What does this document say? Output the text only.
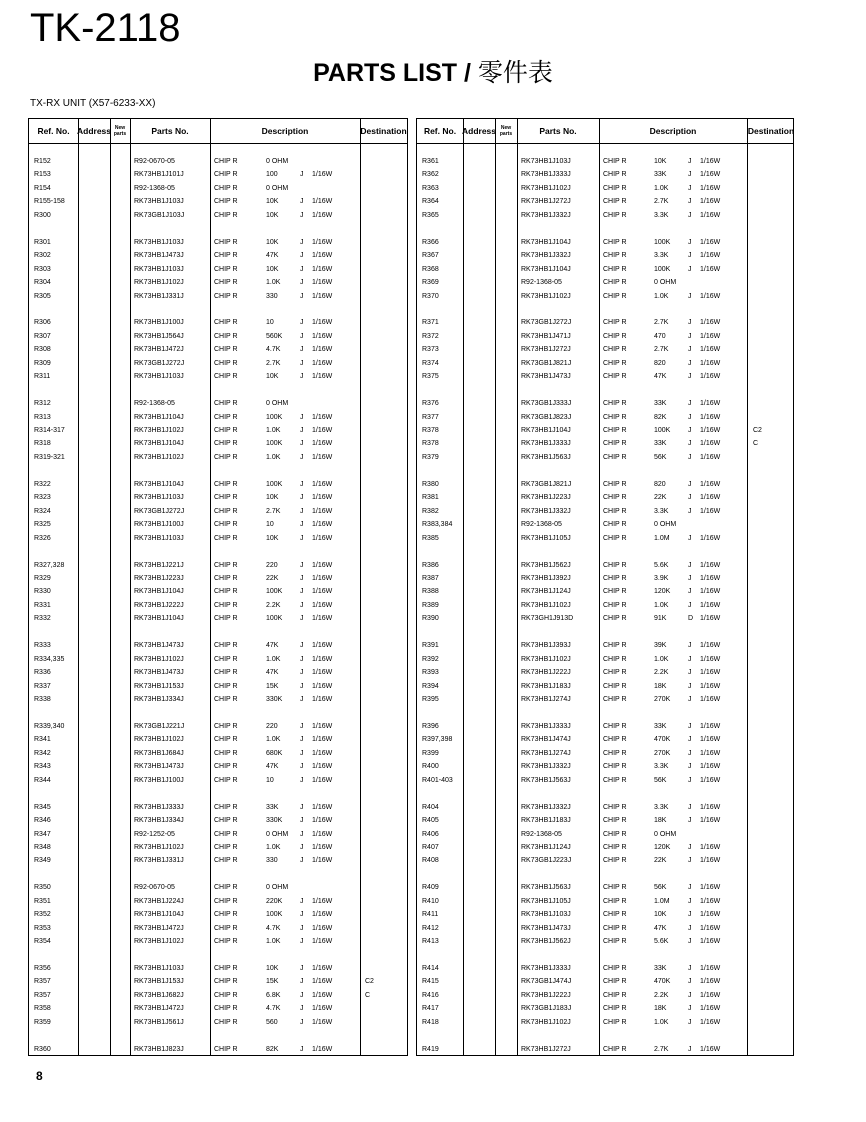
TK-2118
PARTS LIST / 零件表
TX-RX UNIT (X57-6233-XX)
Ref. No. Address New
parts	Parts No.	Description	Destination
R152	R92-0670-05	CHIP R	0 OHM
R153	RK73HB1J101J	CHIP R	100	J 1/16W
R154	R92-1368-05	CHIP R	0 OHM
R155-158	RK73HB1J103J	CHIP R	10K	J 1/16W
R300	RK73GB1J103J	CHIP R	10K	J 1/16W
R301	RK73HB1J103J	CHIP R	10K	J 1/16W
R302	RK73HB1J473J	CHIP R	47K	J 1/16W
R303	RK73HB1J103J	CHIP R	10K	J 1/16W
R304	RK73HB1J102J	CHIP R	1.0K	J 1/16W
R305	RK73HB1J331J	CHIP R	330	J 1/16W
R306	RK73HB1J100J	CHIP R	10	J 1/16W
R307	RK73HB1J564J	CHIP R	560K	J 1/16W
R308	RK73HB1J472J	CHIP R	4.7K	J 1/16W
R309	RK73GB1J272J	CHIP R	2.7K	J 1/16W
R311	RK73HB1J103J	CHIP R	10K	J 1/16W
R312	R92-1368-05	CHIP R	0 OHM
R313	RK73HB1J104J	CHIP R	100K	J 1/16W
R314-317	RK73HB1J102J	CHIP R	1.0K	J 1/16W
R318	RK73HB1J104J	CHIP R	100K	J 1/16W
R319-321	RK73HB1J102J	CHIP R	1.0K	J 1/16W
R322	RK73HB1J104J	CHIP R	100K	J 1/16W
R323	RK73HB1J103J	CHIP R	10K	J 1/16W
R324	RK73GB1J272J	CHIP R	2.7K	J 1/16W
R325	RK73HB1J100J	CHIP R	10	J 1/16W
R326	RK73HB1J103J	CHIP R	10K	J 1/16W
R327,328	RK73HB1J221J	CHIP R	220	J 1/16W
R329	RK73HB1J223J	CHIP R	22K	J 1/16W
R330	RK73HB1J104J	CHIP R	100K	J 1/16W
R331	RK73HB1J222J	CHIP R	2.2K	J 1/16W
R332	RK73HB1J104J	CHIP R	100K	J 1/16W
R333	RK73HB1J473J	CHIP R	47K	J 1/16W
R334,335	RK73HB1J102J	CHIP R	1.0K	J 1/16W
R336	RK73HB1J473J	CHIP R	47K	J 1/16W
R337	RK73HB1J153J	CHIP R	15K	J 1/16W
R338	RK73HB1J334J	CHIP R	330K	J 1/16W
R339,340	RK73GB1J221J	CHIP R	220	J 1/16W
R341	RK73HB1J102J	CHIP R	1.0K	J 1/16W
R342	RK73HB1J684J	CHIP R	680K	J 1/16W
R343	RK73HB1J473J	CHIP R	47K	J 1/16W
R344	RK73HB1J100J	CHIP R	10	J 1/16W
R345	RK73HB1J333J	CHIP R	33K	J 1/16W
R346	RK73HB1J334J	CHIP R	330K	J 1/16W
R347	R92-1252-05	CHIP R	0 OHM J 1/16W
R348	RK73HB1J102J	CHIP R	1.0K	J 1/16W
R349	RK73HB1J331J	CHIP R	330	J 1/16W
R350	R92-0670-05	CHIP R	0 OHM
R351	RK73HB1J224J	CHIP R	220K	J 1/16W
R352	RK73HB1J104J	CHIP R	100K	J 1/16W
R353	RK73HB1J472J	CHIP R	4.7K	J 1/16W
R354	RK73HB1J102J	CHIP R	1.0K	J 1/16W
R356	RK73HB1J103J	CHIP R	10K	J 1/16W
R357	RK73HB1J153J	CHIP R	15K	J 1/16W	C2
R357	RK73HB1J682J	CHIP R	6.8K	J 1/16W	C
R358	RK73HB1J472J	CHIP R	4.7K	J 1/16W
R359	RK73HB1J561J	CHIP R	560	J 1/16W
R360	RK73HB1J823J	CHIP R	82K	J 1/16W
Ref. No. Address New
parts	Parts No.	Description	Destination
R361	RK73HB1J103J	CHIP R	10K	J 1/16W
R362	RK73HB1J333J	CHIP R	33K	J 1/16W
R363	RK73HB1J102J	CHIP R	1.0K	J 1/16W
R364	RK73HB1J272J	CHIP R	2.7K	J 1/16W
R365	RK73HB1J332J	CHIP R	3.3K	J 1/16W
R366	RK73HB1J104J	CHIP R	100K	J 1/16W
R367	RK73HB1J332J	CHIP R	3.3K	J 1/16W
R368	RK73HB1J104J	CHIP R	100K	J 1/16W
R369	R92-1368-05	CHIP R	0 OHM
R370	RK73HB1J102J	CHIP R	1.0K	J 1/16W
R371	RK73GB1J272J	CHIP R	2.7K	J 1/16W
R372	RK73HB1J471J	CHIP R	470	J 1/16W
R373	RK73HB1J272J	CHIP R	2.7K	J 1/16W
R374	RK73GB1J821J	CHIP R	820	J 1/16W
R375	RK73HB1J473J	CHIP R	47K	J 1/16W
R376	RK73GB1J333J	CHIP R	33K	J 1/16W
R377	RK73GB1J823J	CHIP R	82K	J 1/16W
R378	RK73HB1J104J	CHIP R	100K	J 1/16W	C2
R378	RK73HB1J333J	CHIP R	33K	J 1/16W	C
R379	RK73HB1J563J	CHIP R	56K	J 1/16W
R380	RK73GB1J821J	CHIP R	820	J 1/16W
R381	RK73HB1J223J	CHIP R	22K	J 1/16W
R382	RK73HB1J332J	CHIP R	3.3K	J 1/16W
R383,384	R92-1368-05	CHIP R	0 OHM
R385	RK73HB1J105J	CHIP R	1.0M	J 1/16W
R386	RK73HB1J562J	CHIP R	5.6K	J 1/16W
R387	RK73HB1J392J	CHIP R	3.9K	J 1/16W
R388	RK73HB1J124J	CHIP R	120K	J 1/16W
R389	RK73HB1J102J	CHIP R	1.0K	J 1/16W
R390	RK73GH1J913D	CHIP R	91K	D 1/16W
R391	RK73HB1J393J	CHIP R	39K	J 1/16W
R392	RK73HB1J102J	CHIP R	1.0K	J 1/16W
R393	RK73HB1J222J	CHIP R	2.2K	J 1/16W
R394	RK73HB1J183J	CHIP R	18K	J 1/16W
R395	RK73HB1J274J	CHIP R	270K	J 1/16W
R396	RK73HB1J333J	CHIP R	33K	J 1/16W
R397,398	RK73HB1J474J	CHIP R	470K	J 1/16W
R399	RK73HB1J274J	CHIP R	270K	J 1/16W
R400	RK73HB1J332J	CHIP R	3.3K	J 1/16W
R401-403	RK73HB1J563J	CHIP R	56K	J 1/16W
R404	RK73HB1J332J	CHIP R	3.3K	J 1/16W
R405	RK73HB1J183J	CHIP R	18K	J 1/16W
R406	R92-1368-05	CHIP R	0 OHM
R407	RK73HB1J124J	CHIP R	120K	J 1/16W
R408	RK73GB1J223J	CHIP R	22K	J 1/16W
R409	RK73HB1J563J	CHIP R	56K	J 1/16W
R410	RK73HB1J105J	CHIP R	1.0M	J 1/16W
R411	RK73HB1J103J	CHIP R	10K	J 1/16W
R412	RK73HB1J473J	CHIP R	47K	J 1/16W
R413	RK73HB1J562J	CHIP R	5.6K	J 1/16W
R414	RK73HB1J333J	CHIP R	33K	J 1/16W
R415	RK73GB1J474J	CHIP R	470K	J 1/16W
R416	RK73HB1J222J	CHIP R	2.2K	J 1/16W
R417	RK73GB1J183J	CHIP R	18K	J 1/16W
R418	RK73HB1J102J	CHIP R	1.0K	J 1/16W
R419	RK73HB1J272J	CHIP R	2.7K	J 1/16W
8
